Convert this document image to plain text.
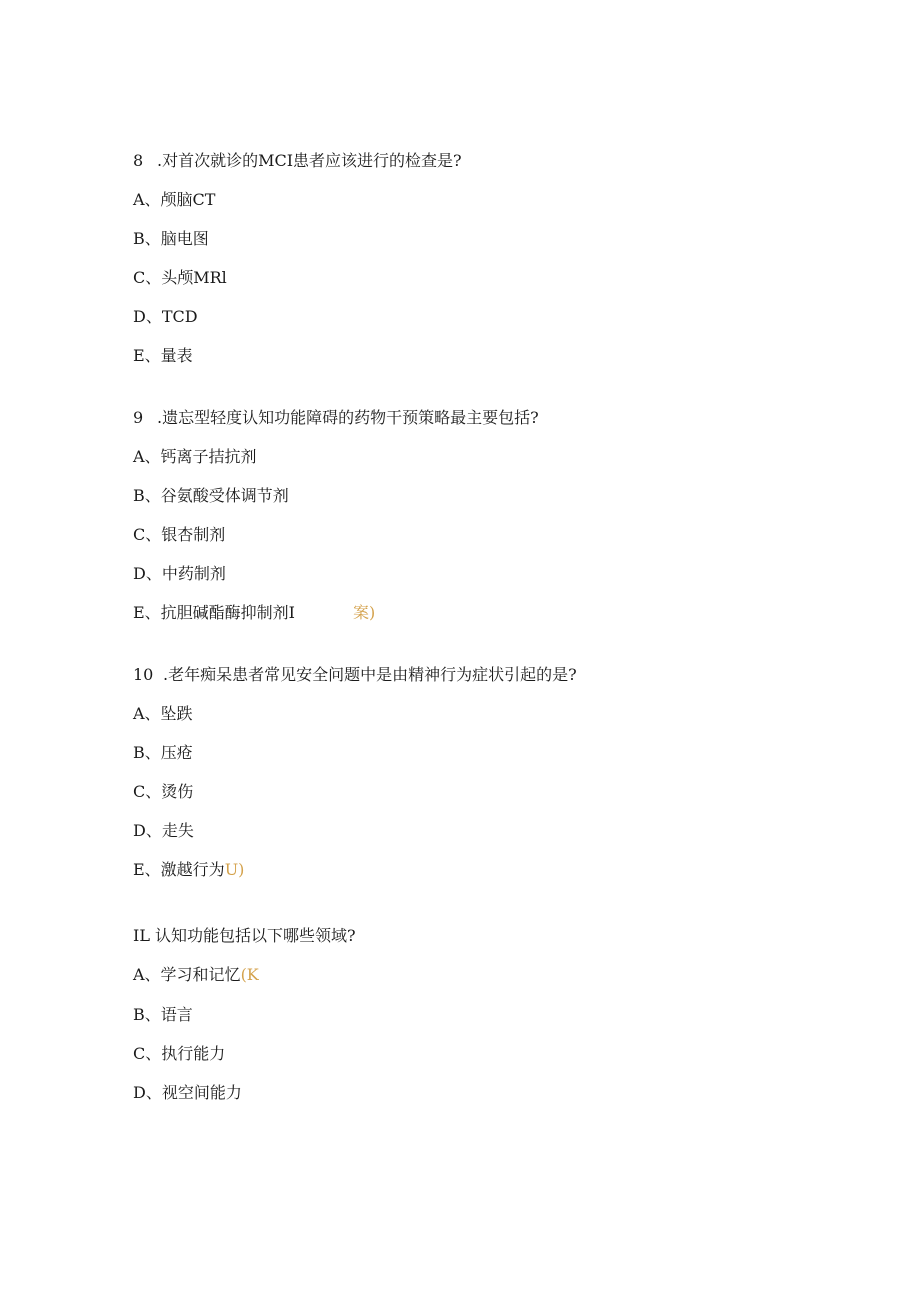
8 .对首次就诊的MCI患者应该进行的检查是?
A、颅脑CT
B、脑电图
C、头颅MRl
D、TCD
E、量表
9 .遗忘型轻度认知功能障碍的药物干预策略最主要包括?
A、钙离子拮抗剂
B、谷氨酸受体调节剂
C、银杏制剂
D、中药制剂
E、抗胆碱酯酶抑制剂I	案)
10 .老年痴呆患者常见安全问题中是由精神行为症状引起的是?
A、坠跌
B、压疮
C、烫伤
D、走失
E、激越行为U)
IL 认知功能包括以下哪些领域?
A、学习和记忆(K
B、语言
C、执行能力
D、视空间能力
